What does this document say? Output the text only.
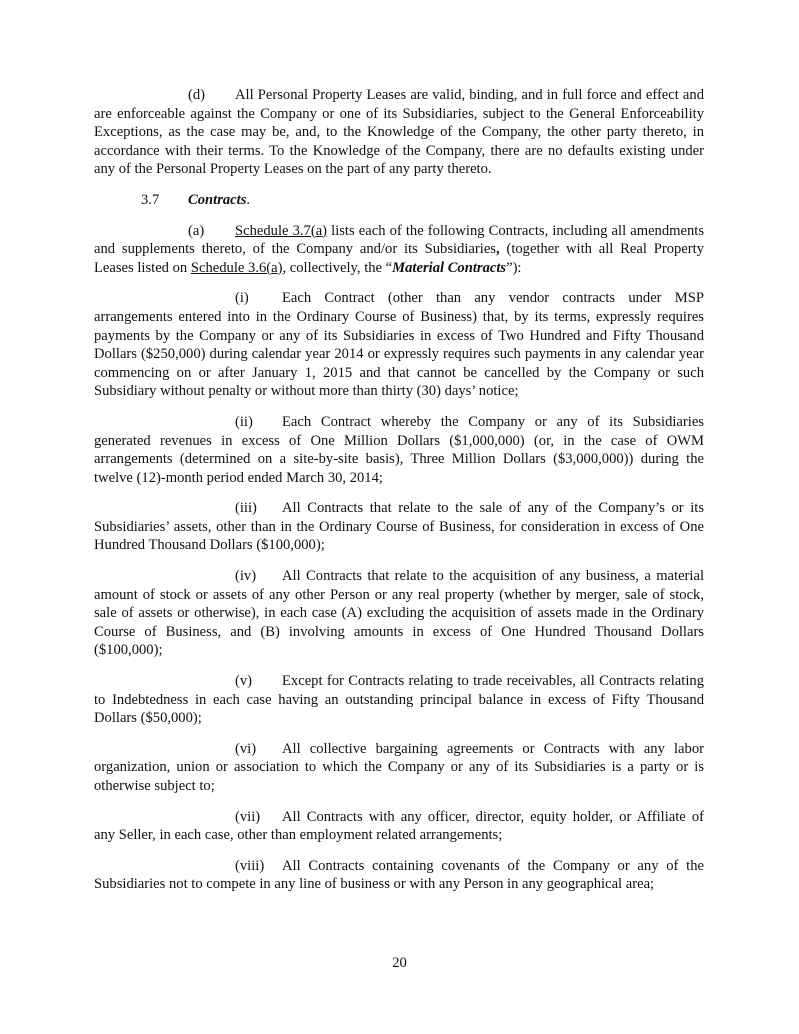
(d) All Personal Property Leases are valid, binding, and in full force and effect and are enforceable against the Company or one of its Subsidiaries, subject to the General Enforceability Exceptions, as the case may be, and, to the Knowledge of the Company, the other party thereto, in accordance with their terms. To the Knowledge of the Company, there are no defaults existing under any of the Personal Property Leases on the part of any party thereto.

3.7 Contracts.

(a) Schedule 3.7(a) lists each of the following Contracts, including all amendments and supplements thereto, of the Company and/or its Subsidiaries, (together with all Real Property Leases listed on Schedule 3.6(a), collectively, the “Material Contracts”):

(i) Each Contract (other than any vendor contracts under MSP arrangements entered into in the Ordinary Course of Business) that, by its terms, expressly requires payments by the Company or any of its Subsidiaries in excess of Two Hundred and Fifty Thousand Dollars ($250,000) during calendar year 2014 or expressly requires such payments in any calendar year commencing on or after January 1, 2015 and that cannot be cancelled by the Company or such Subsidiary without penalty or without more than thirty (30) days’ notice;

(ii) Each Contract whereby the Company or any of its Subsidiaries generated revenues in excess of One Million Dollars ($1,000,000) (or, in the case of OWM arrangements (determined on a site-by-site basis), Three Million Dollars ($3,000,000)) during the twelve (12)-month period ended March 30, 2014;

(iii) All Contracts that relate to the sale of any of the Company’s or its Subsidiaries’ assets, other than in the Ordinary Course of Business, for consideration in excess of One Hundred Thousand Dollars ($100,000);

(iv) All Contracts that relate to the acquisition of any business, a material amount of stock or assets of any other Person or any real property (whether by merger, sale of stock, sale of assets or otherwise), in each case (A) excluding the acquisition of assets made in the Ordinary Course of Business, and (B) involving amounts in excess of One Hundred Thousand Dollars ($100,000);

(v) Except for Contracts relating to trade receivables, all Contracts relating to Indebtedness in each case having an outstanding principal balance in excess of Fifty Thousand Dollars ($50,000);

(vi) All collective bargaining agreements or Contracts with any labor organization, union or association to which the Company or any of its Subsidiaries is a party or is otherwise subject to;

(vii) All Contracts with any officer, director, equity holder, or Affiliate of any Seller, in each case, other than employment related arrangements;

(viii) All Contracts containing covenants of the Company or any of the Subsidiaries not to compete in any line of business or with any Person in any geographical area;

20
